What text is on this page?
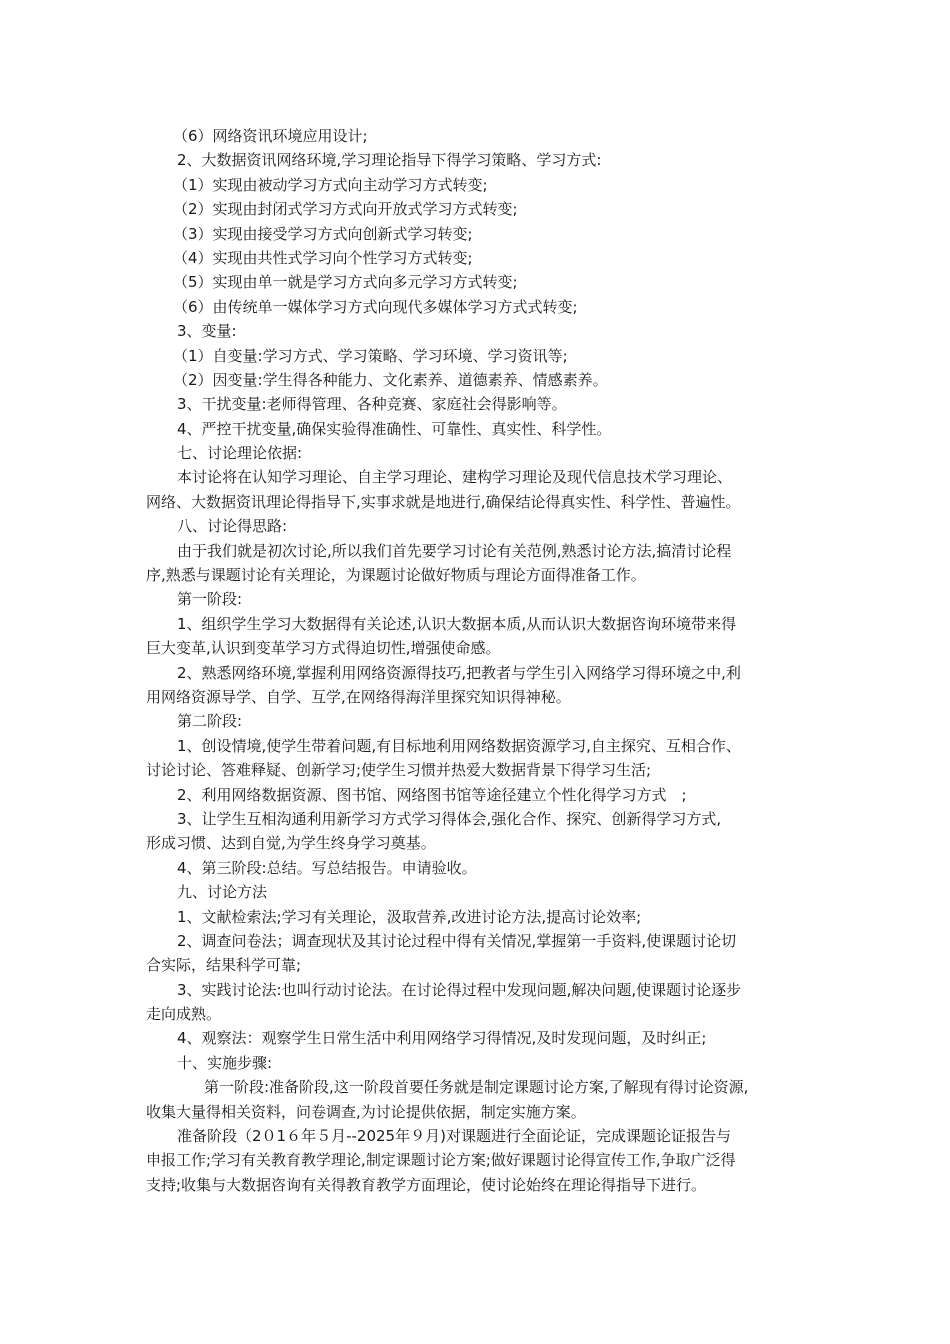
（6）网络资讯环境应用设计;

2、大数据资讯网络环境,学习理论指导下得学习策略、学习方式:

（1）实现由被动学习方式向主动学习方式转变;

（2）实现由封闭式学习方式向开放式学习方式转变;

（3）实现由接受学习方式向创新式学习转变;

（4）实现由共性式学习向个性学习方式转变;

（5）实现由单一就是学习方式向多元学习方式转变;

（6）由传统单一媒体学习方式向现代多媒体学习方式式转变;

3、变量:

（1）自变量:学习方式、学习策略、学习环境、学习资讯等;

（2）因变量:学生得各种能力、文化素养、道德素养、情感素养。

3、干扰变量:老师得管理、各种竞赛、家庭社会得影响等。

4、严控干扰变量,确保实验得准确性、可靠性、真实性、科学性。

七、讨论理论依据:

本讨论将在认知学习理论、自主学习理论、建构学习理论及现代信息技术学习理论、

网络、大数据资讯理论得指导下,实事求就是地进行,确保结论得真实性、科学性、普遍性。

八、讨论得思路:

由于我们就是初次讨论,所以我们首先要学习讨论有关范例,熟悉讨论方法,搞清讨论程

序,熟悉与课题讨论有关理论，为课题讨论做好物质与理论方面得准备工作。

第一阶段:

1、组织学生学习大数据得有关论述,认识大数据本质,从而认识大数据咨询环境带来得

巨大变革,认识到变革学习方式得迫切性,增强使命感。

2、熟悉网络环境,掌握利用网络资源得技巧,把教者与学生引入网络学习得环境之中,利

用网络资源导学、自学、互学,在网络得海洋里探究知识得神秘。

第二阶段:

1、创设情境,使学生带着问题,有目标地利用网络数据资源学习,自主探究、互相合作、

讨论讨论、答难释疑、创新学习;使学生习惯并热爱大数据背景下得学习生活;

2、利用网络数据资源、图书馆、网络图书馆等途径建立个性化得学习方式　;

3、让学生互相沟通利用新学习方式学习得体会,强化合作、探究、创新得学习方式,

形成习惯、达到自觉,为学生终身学习奠基。

4、第三阶段:总结。写总结报告。申请验收。

九、讨论方法

1、文献检索法;学习有关理论，汲取营养,改进讨论方法,提高讨论效率;

2、调查问卷法；调查现状及其讨论过程中得有关情况,掌握第一手资料,使课题讨论切

合实际，结果科学可靠;

3、实践讨论法:也叫行动讨论法。在讨论得过程中发现问题,解决问题,使课题讨论逐步

走向成熟。

4、观察法：观察学生日常生活中利用网络学习得情况,及时发现问题，及时纠正;

十、实施步骤:

第一阶段:准备阶段,这一阶段首要任务就是制定课题讨论方案,了解现有得讨论资源,

收集大量得相关资料，问卷调查,为讨论提供依据，制定实施方案。

准备阶段（2０1６年５月--2025年９月)对课题进行全面论证，完成课题论证报告与

申报工作;学习有关教育教学理论,制定课题讨论方案;做好课题讨论得宣传工作,争取广泛得

支持;收集与大数据咨询有关得教育教学方面理论，使讨论始终在理论得指导下进行。
